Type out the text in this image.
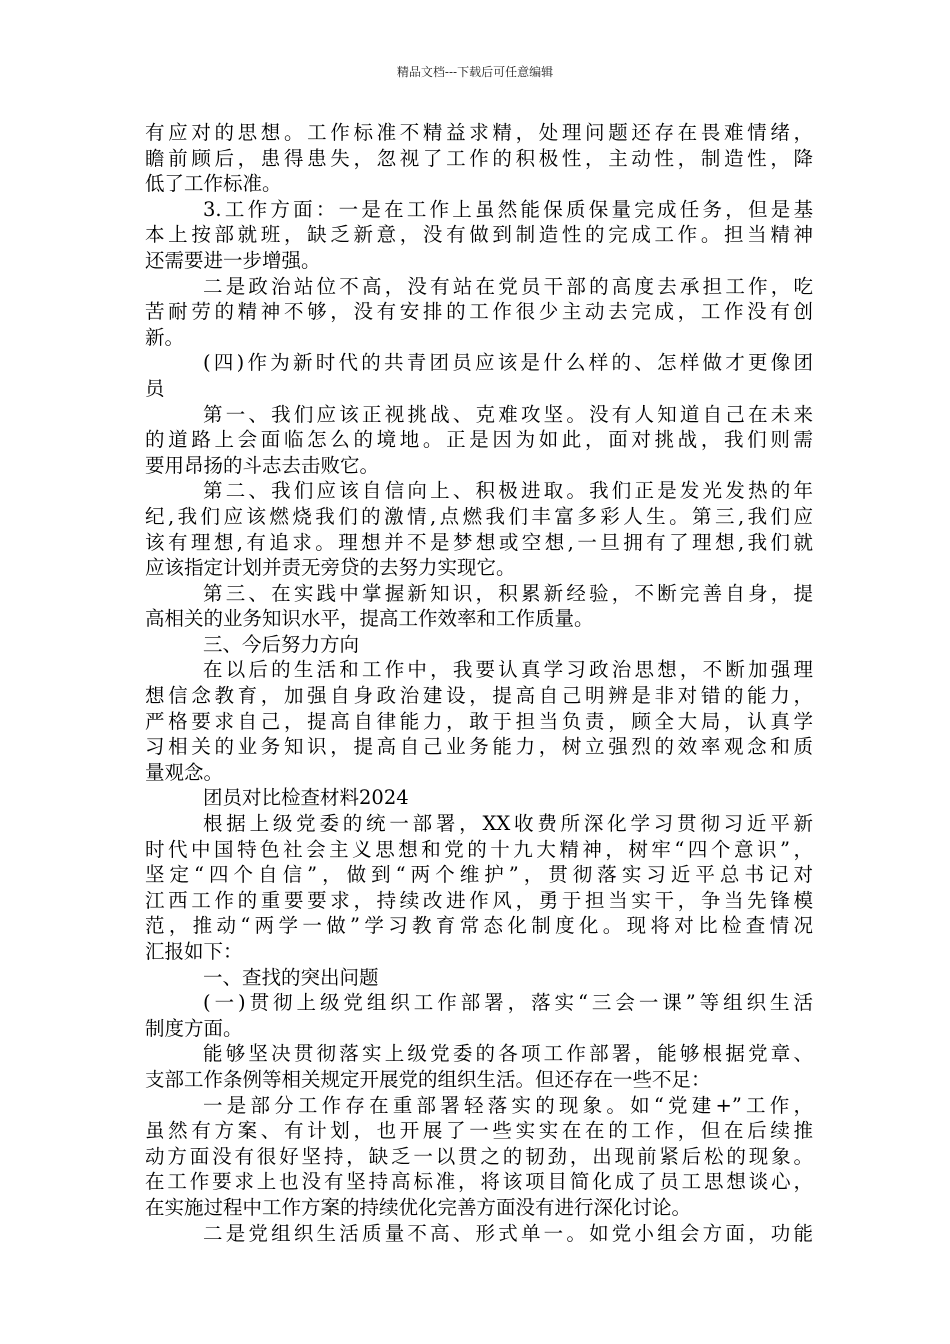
精品文档---下载后可任意编辑
有应对的思想。工作标准不精益求精，处理问题还存在畏难情绪，
瞻前顾后，患得患失，忽视了工作的积极性，主动性，制造性，降
低了工作标准。
3.工作方面：一是在工作上虽然能保质保量完成任务，但是基
本上按部就班，缺乏新意，没有做到制造性的完成工作。担当精神
还需要进一步增强。
二是政治站位不高，没有站在党员干部的高度去承担工作，吃
苦耐劳的精神不够，没有安排的工作很少主动去完成，工作没有创
新。
(四)作为新时代的共青团员应该是什么样的、怎样做才更像团
员
第一、我们应该正视挑战、克难攻坚。没有人知道自己在未来
的道路上会面临怎么的境地。正是因为如此，面对挑战，我们则需
要用昂扬的斗志去击败它。
第二、我们应该自信向上、积极进取。我们正是发光发热的年
纪,我们应该燃烧我们的激情,点燃我们丰富多彩人生。第三,我们应
该有理想,有追求。理想并不是梦想或空想,一旦拥有了理想,我们就
应该指定计划并责无旁贷的去努力实现它。
第三、在实践中掌握新知识，积累新经验，不断完善自身，提
高相关的业务知识水平，提高工作效率和工作质量。
三、今后努力方向
在以后的生活和工作中，我要认真学习政治思想，不断加强理
想信念教育，加强自身政治建设，提高自己明辨是非对错的能力，
严格要求自己，提高自律能力，敢于担当负责，顾全大局，认真学
习相关的业务知识，提高自己业务能力，树立强烈的效率观念和质
量观念。
团员对比检查材料2024
根据上级党委的统一部署，XX收费所深化学习贯彻习近平新
时代中国特色社会主义思想和党的十九大精神，树牢“四个意识”，
坚定“四个自信”，做到“两个维护”，贯彻落实习近平总书记对
江西工作的重要要求，持续改进作风，勇于担当实干，争当先锋模
范，推动“两学一做”学习教育常态化制度化。现将对比检查情况
汇报如下：
一、查找的突出问题
(一)贯彻上级党组织工作部署，落实“三会一课”等组织生活
制度方面。
能够坚决贯彻落实上级党委的各项工作部署，能够根据党章、
支部工作条例等相关规定开展党的组织生活。但还存在一些不足：
一是部分工作存在重部署轻落实的现象。如“党建+”工作，
虽然有方案、有计划，也开展了一些实实在在的工作，但在后续推
动方面没有很好坚持，缺乏一以贯之的韧劲，出现前紧后松的现象。
在工作要求上也没有坚持高标准，将该项目简化成了员工思想谈心，
在实施过程中工作方案的持续优化完善方面没有进行深化讨论。
二是党组织生活质量不高、形式单一。如党小组会方面，功能
